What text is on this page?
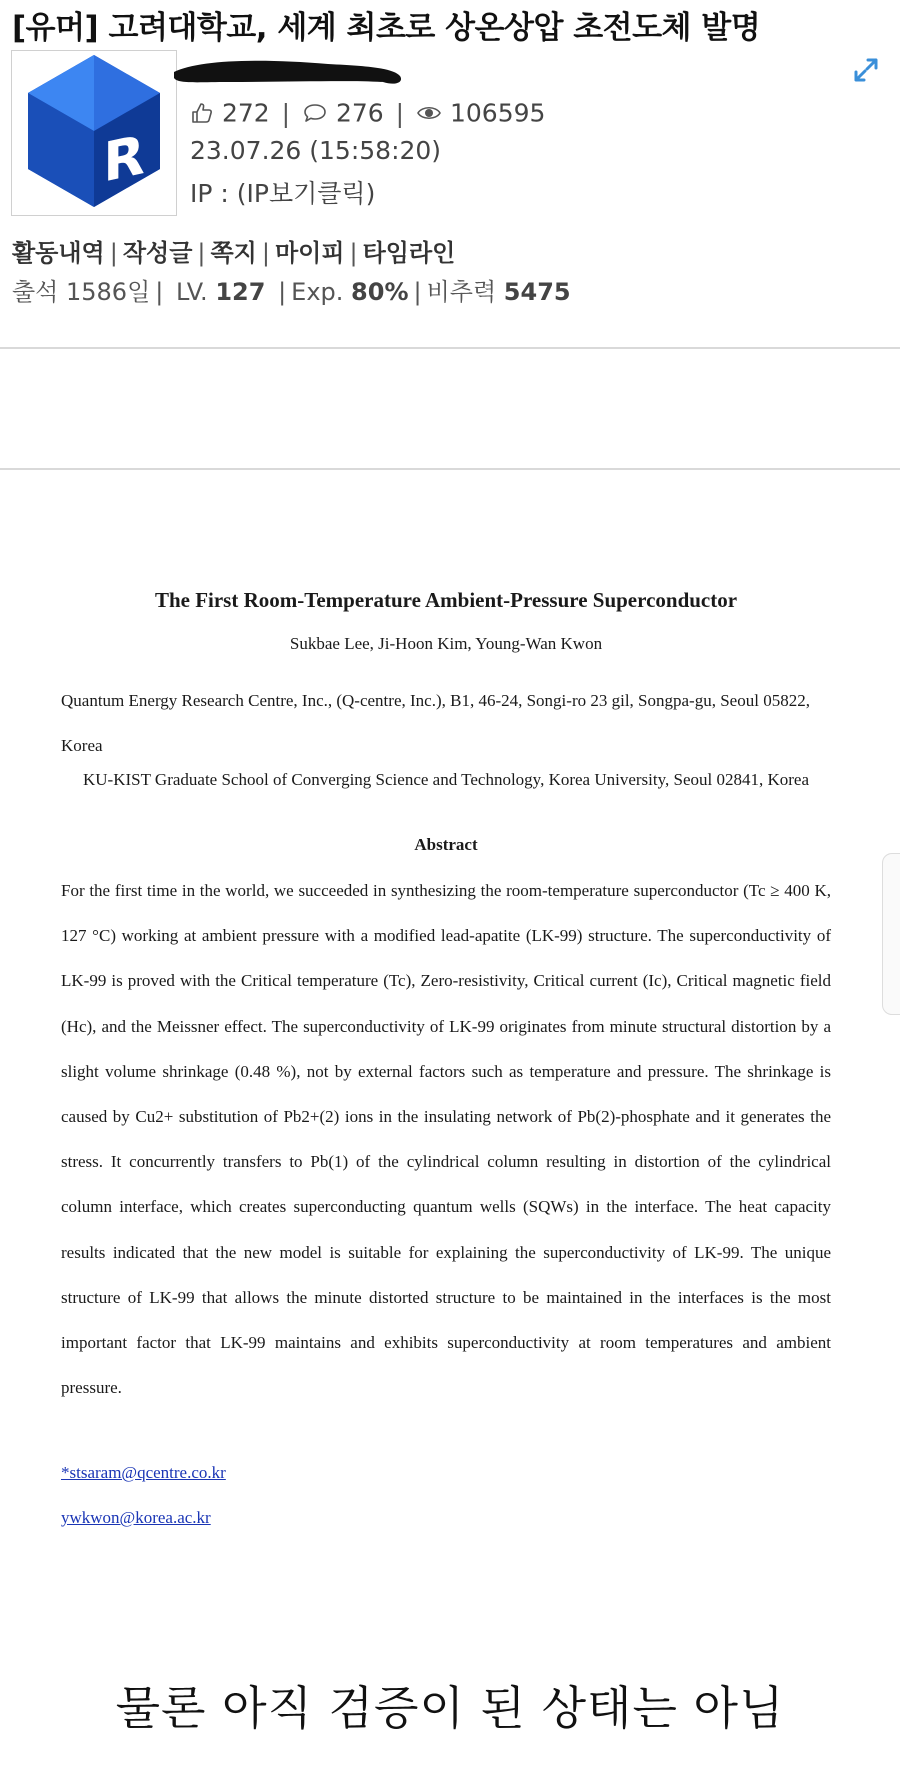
[유머] 고려대학교, 세계 최초로 상온상압 초전도체 발명
R
272 | 276 | 106595
23.07.26 (15:58:20)
IP : (IP보기클릭)
활동내역 | 작성글 | 쪽지 | 마이피 | 타임라인
출석 1586일 | LV. 127 | Exp. 80% | 비추력 5475
The First Room-Temperature Ambient-Pressure Superconductor
Sukbae Lee, Ji-Hoon Kim, Young-Wan Kwon
Quantum Energy Research Centre, Inc., (Q-centre, Inc.), B1, 46-24, Songi-ro 23 gil, Songpa-gu, Seoul 05822, Korea
KU-KIST Graduate School of Converging Science and Technology, Korea University, Seoul 02841, Korea
Abstract
For the first time in the world, we succeeded in synthesizing the room-temperature superconductor (Tc ≥ 400 K, 127 °C) working at ambient pressure with a modified lead-apatite (LK-99) structure. The superconductivity of LK-99 is proved with the Critical temperature (Tc), Zero-resistivity, Critical current (Ic), Critical magnetic field (Hc), and the Meissner effect. The superconductivity of LK-99 originates from minute structural distortion by a slight volume shrinkage (0.48 %), not by external factors such as temperature and pressure. The shrinkage is caused by Cu2+ substitution of Pb2+(2) ions in the insulating network of Pb(2)-phosphate and it generates the stress. It concurrently transfers to Pb(1) of the cylindrical column resulting in distortion of the cylindrical column interface, which creates superconducting quantum wells (SQWs) in the interface. The heat capacity results indicated that the new model is suitable for explaining the superconductivity of LK-99. The unique structure of LK-99 that allows the minute distorted structure to be maintained in the interfaces is the most important factor that LK-99 maintains and exhibits superconductivity at room temperatures and ambient pressure.
*stsaram@qcentre.co.kr
ywkwon@korea.ac.kr
물론 아직 검증이 된 상태는 아님
